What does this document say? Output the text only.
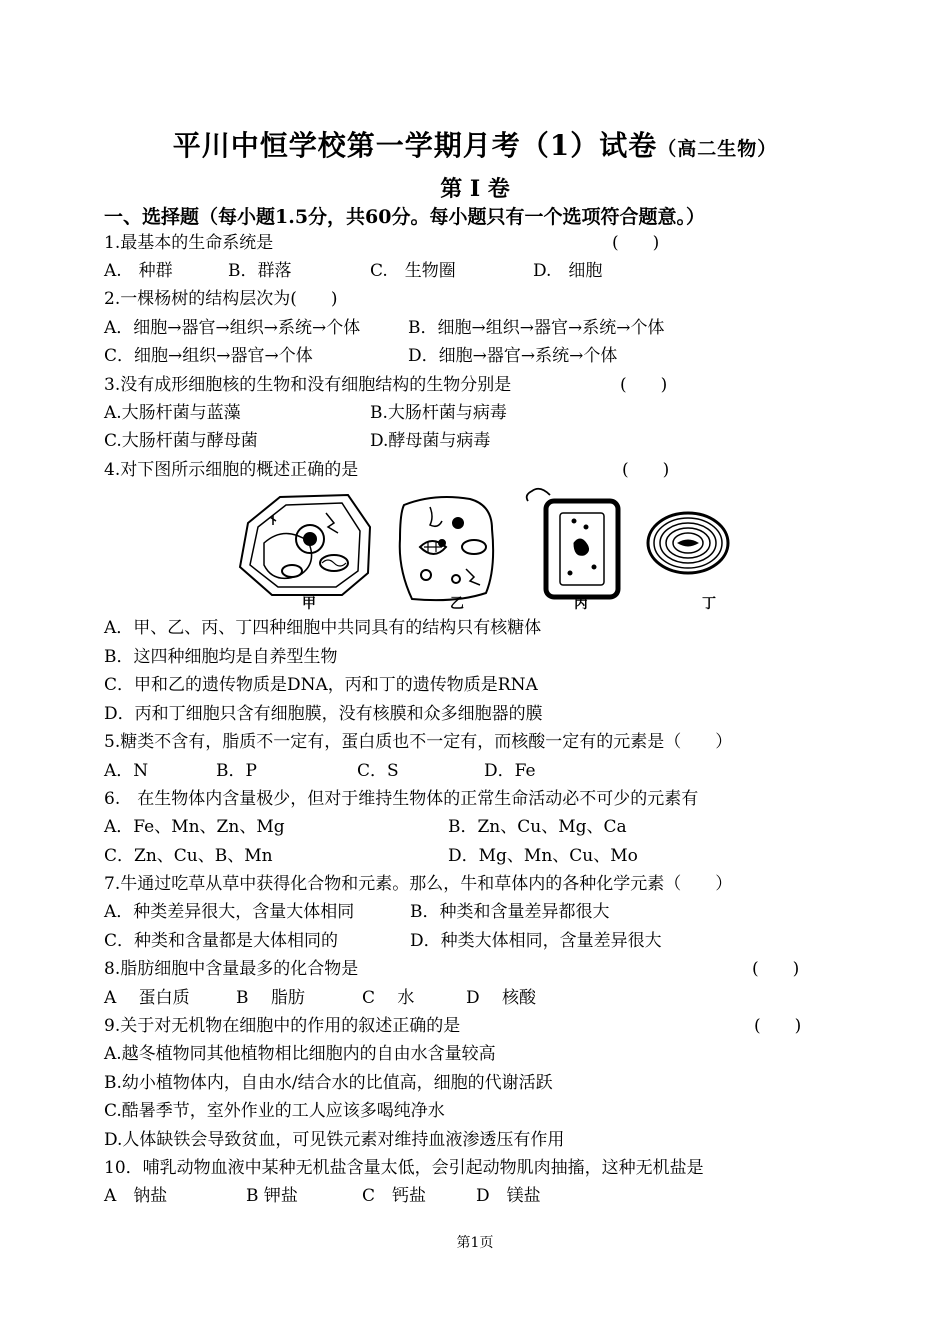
平川中恒学校第一学期月考（1）试卷（高二生物）
第 I 卷
一、选择题（每小题1.5分，共60分。每小题只有一个选项符合题意。）
1.最基本的生命系统是	(　　)
A.　种群	B．群落	C.　生物圈	D.　细胞
2.一棵杨树的结构层次为(　　)
A．细胞→器官→组织→系统→个体	B．细胞→组织→器官→系统→个体
C．细胞→组织→器官→个体	D．细胞→器官→系统→个体
3.没有成形细胞核的生物和没有细胞结构的生物分别是	(　　)
A.大肠杆菌与蓝藻	B.大肠杆菌与病毒
C.大肠杆菌与酵母菌	D.酵母菌与病毒
4.对下图所示细胞的概述正确的是	(　　)
甲	乙	丙	丁
A．甲、乙、丙、丁四种细胞中共同具有的结构只有核糖体
B．这四种细胞均是自养型生物
C．甲和乙的遗传物质是DNA，丙和丁的遗传物质是RNA
D．丙和丁细胞只含有细胞膜，没有核膜和众多细胞器的膜
5.糖类不含有，脂质不一定有，蛋白质也不一定有，而核酸一定有的元素是（　　）
A．N	B．P	C．S	D．Fe
6.　在生物体内含量极少，但对于维持生物体的正常生命活动必不可少的元素有
A．Fe、Mn、Zn、Mg	B．Zn、Cu、Mg、Ca
C．Zn、Cu、B、Mn	D．Mg、Mn、Cu、Mo
7.牛通过吃草从草中获得化合物和元素。那么，牛和草体内的各种化学元素（　　）
A．种类差异很大，含量大体相同	B．种类和含量差异都很大
C．种类和含量都是大体相同的	D．种类大体相同，含量差异很大
8.脂肪细胞中含量最多的化合物是	(　　)
A　 蛋白质	B　 脂肪	C　 水	D　 核酸
9.关于对无机物在细胞中的作用的叙述正确的是	(　　)
A.越冬植物同其他植物相比细胞内的自由水含量较高
B.幼小植物体内，自由水/结合水的比值高，细胞的代谢活跃
C.酷暑季节，室外作业的工人应该多喝纯净水
D.人体缺铁会导致贫血，可见铁元素对维持血液渗透压有作用
10．哺乳动物血液中某种无机盐含量太低，会引起动物肌肉抽搐，这种无机盐是
A　钠盐	B 钾盐	C　钙盐	D　镁盐
第1页
